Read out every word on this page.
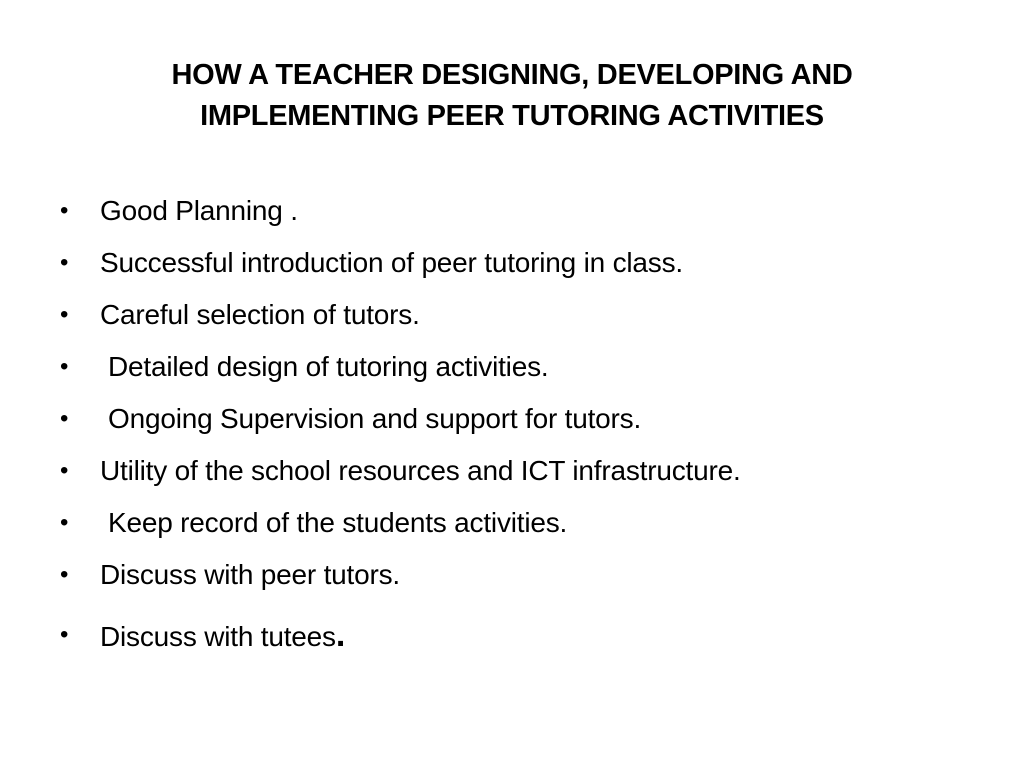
HOW A TEACHER DESIGNING, DEVELOPING AND
IMPLEMENTING PEER TUTORING ACTIVITIES
•	Good Planning .
•	Successful introduction of peer tutoring in class.
•	Careful selection of tutors.
•	Detailed design of tutoring activities.
•	Ongoing Supervision and support for tutors.
•	Utility of the school resources and ICT infrastructure.
•	Keep record of the students activities.
•	Discuss with peer tutors.
•	Discuss with tutees.
